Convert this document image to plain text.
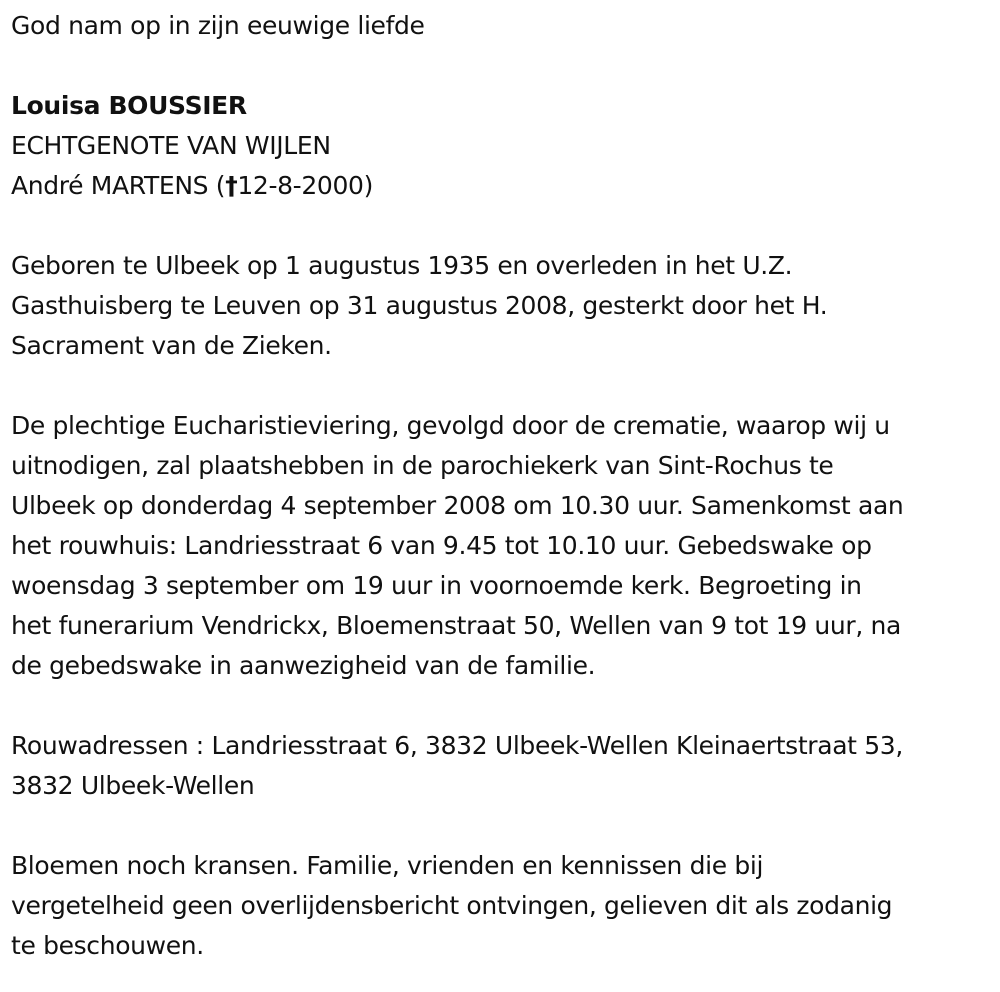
God nam op in zijn eeuwige liefde

Louisa BOUSSIER

ECHTGENOTE VAN WIJLEN

André MARTENS (†12-8-2000)

Geboren te Ulbeek op 1 augustus 1935 en overleden in het U.Z.

Gasthuisberg te Leuven op 31 augustus 2008, gesterkt door het H.

Sacrament van de Zieken.

De plechtige Eucharistieviering, gevolgd door de crematie, waarop wij u

uitnodigen, zal plaatshebben in de parochiekerk van Sint-Rochus te

Ulbeek op donderdag 4 september 2008 om 10.30 uur. Samenkomst aan

het rouwhuis: Landriesstraat 6 van 9.45 tot 10.10 uur. Gebedswake op

woensdag 3 september om 19 uur in voornoemde kerk. Begroeting in

het funerarium Vendrickx, Bloemenstraat 50, Wellen van 9 tot 19 uur, na

de gebedswake in aanwezigheid van de familie.

Rouwadressen : Landriesstraat 6, 3832 Ulbeek-Wellen Kleinaertstraat 53,

3832 Ulbeek-Wellen

Bloemen noch kransen. Familie, vrienden en kennissen die bij

vergetelheid geen overlijdensbericht ontvingen, gelieven dit als zodanig

te beschouwen.
